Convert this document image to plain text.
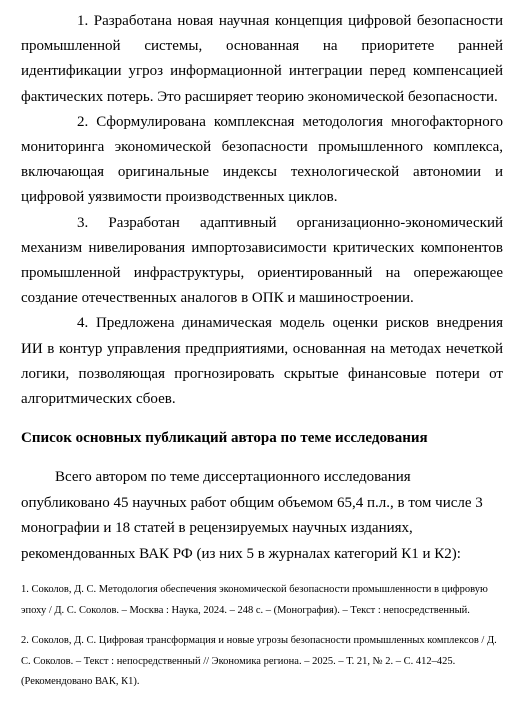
1. Разработана новая научная концепция цифровой безопасности промышленной системы, основанная на приоритете ранней идентификации угроз информационной интеграции перед компенсацией фактических потерь. Это расширяет теорию экономической безопасности.

2. Сформулирована комплексная методология многофакторного мониторинга экономической безопасности промышленного комплекса, включающая оригинальные индексы технологической автономии и цифровой уязвимости производственных циклов.

3. Разработан адаптивный организационно-экономический механизм нивелирования импортозависимости критических компонентов промышленной инфраструктуры, ориентированный на опережающее создание отечественных аналогов в ОПК и машиностроении.

4. Предложена динамическая модель оценки рисков внедрения ИИ в контур управления предприятиями, основанная на методах нечеткой логики, позволяющая прогнозировать скрытые финансовые потери от алгоритмических сбоев.

Список основных публикаций автора по теме исследования

Всего автором по теме диссертационного исследования опубликовано 45 научных работ общим объемом 65,4 п.л., в том числе 3 монографии и 18 статей в рецензируемых научных изданиях, рекомендованных ВАК РФ (из них 5 в журналах категорий К1 и К2):

1. Соколов, Д. С. Методология обеспечения экономической безопасности промышленности в цифровую эпоху / Д. С. Соколов. – Москва : Наука, 2024. – 248 с. – (Монография). – Текст : непосредственный.

2. Соколов, Д. С. Цифровая трансформация и новые угрозы безопасности промышленных комплексов / Д. С. Соколов. – Текст : непосредственный // Экономика региона. – 2025. – Т. 21, № 2. – С. 412–425. (Рекомендовано ВАК, К1).
